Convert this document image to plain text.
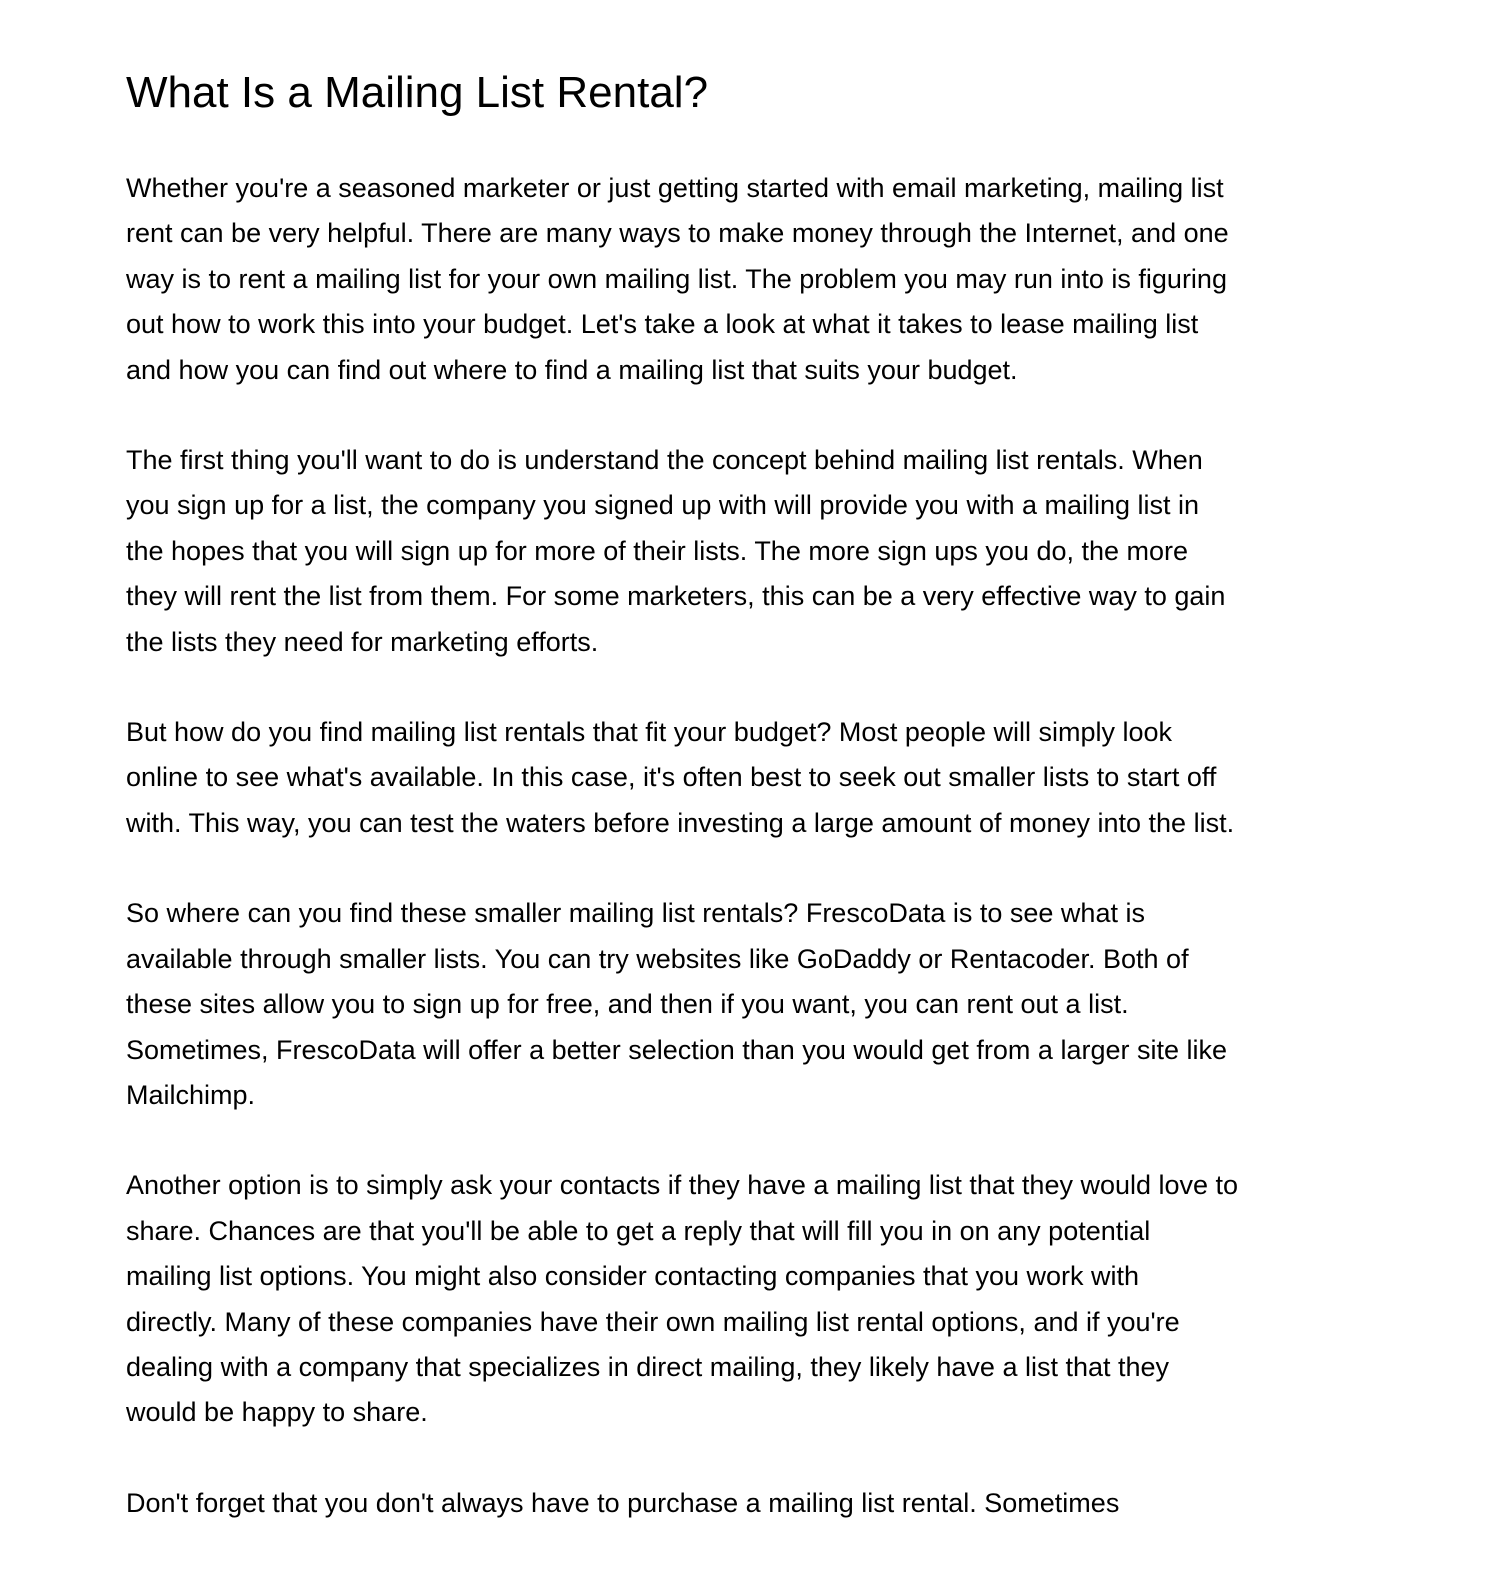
What Is a Mailing List Rental?

Whether you're a seasoned marketer or just getting started with email marketing, mailing list
rent can be very helpful. There are many ways to make money through the Internet, and one
way is to rent a mailing list for your own mailing list. The problem you may run into is figuring
out how to work this into your budget. Let's take a look at what it takes to lease mailing list
and how you can find out where to find a mailing list that suits your budget.

The first thing you'll want to do is understand the concept behind mailing list rentals. When
you sign up for a list, the company you signed up with will provide you with a mailing list in
the hopes that you will sign up for more of their lists. The more sign ups you do, the more
they will rent the list from them. For some marketers, this can be a very effective way to gain
the lists they need for marketing efforts.

But how do you find mailing list rentals that fit your budget? Most people will simply look
online to see what's available. In this case, it's often best to seek out smaller lists to start off
with. This way, you can test the waters before investing a large amount of money into the list.

So where can you find these smaller mailing list rentals? FrescoData is to see what is
available through smaller lists. You can try websites like GoDaddy or Rentacoder. Both of
these sites allow you to sign up for free, and then if you want, you can rent out a list.
Sometimes, FrescoData will offer a better selection than you would get from a larger site like
Mailchimp.

Another option is to simply ask your contacts if they have a mailing list that they would love to
share. Chances are that you'll be able to get a reply that will fill you in on any potential
mailing list options. You might also consider contacting companies that you work with
directly. Many of these companies have their own mailing list rental options, and if you're
dealing with a company that specializes in direct mailing, they likely have a list that they
would be happy to share.

Don't forget that you don't always have to purchase a mailing list rental. Sometimes
